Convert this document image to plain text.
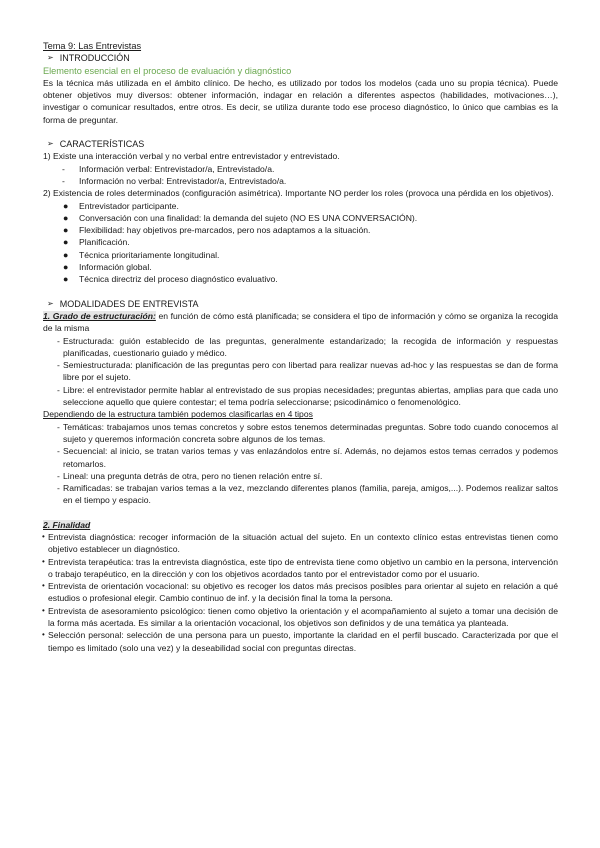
Tema 9: Las Entrevistas

➢ INTRODUCCIÓN
Elemento esencial en el proceso de evaluación y diagnóstico

Es la técnica más utilizada en el ámbito clínico. De hecho, es utilizado por todos los modelos (cada uno su propia técnica). Puede obtener objetivos muy diversos: obtener información, indagar en relación a diferentes aspectos (habilidades, motivaciones…), investigar o comunicar resultados, entre otros. Es decir, se utiliza durante todo ese proceso diagnóstico, lo único que cambias es la forma de preguntar.

➢ CARACTERÍSTICAS

1) Existe una interacción verbal y no verbal entre entrevistador y entrevistado.

- Información verbal: Entrevistador/a, Entrevistado/a.
- Información no verbal: Entrevistador/a, Entrevistado/a.

2) Existencia de roles determinados (configuración asimétrica). Importante NO perder los roles (provoca una pérdida en los objetivos).

● Entrevistador participante.
● Conversación con una finalidad: la demanda del sujeto (NO ES UNA CONVERSACIÓN).
● Flexibilidad: hay objetivos pre-marcados, pero nos adaptamos a la situación.
● Planificación.
● Técnica prioritariamente longitudinal.
● Información global.
● Técnica directriz del proceso diagnóstico evaluativo.
➢ MODALIDADES DE ENTREVISTA

1. Grado de estructuración: en función de cómo está planificada; se considera el tipo de información y cómo se organiza la recogida de la misma

- Estructurada: guión establecido de las preguntas, generalmente estandarizado; la recogida de información y respuestas planificadas, cuestionario guiado y médico.
- Semiestructurada: planificación de las preguntas pero con libertad para realizar nuevas ad-hoc y las respuestas se dan de forma libre por el sujeto.
- Libre: el entrevistador permite hablar al entrevistado de sus propias necesidades; preguntas abiertas, amplias para que cada uno seleccione aquello que quiere contestar; el tema podría seleccionarse; psicodinámico o fenomenológico.

Dependiendo de la estructura también podemos clasificarlas en 4 tipos

- Temáticas: trabajamos unos temas concretos y sobre estos tenemos determinadas preguntas. Sobre todo cuando conocemos al sujeto y queremos información concreta sobre algunos de los temas.
- Secuencial: al inicio, se tratan varios temas y vas enlazándolos entre sí. Además, no dejamos estos temas cerrados y podemos retomarlos.
- Lineal: una pregunta detrás de otra, pero no tienen relación entre sí.
- Ramificadas: se trabajan varios temas a la vez, mezclando diferentes planos (familia, pareja, amigos,...). Podemos realizar saltos en el tiempo y espacio.

2. Finalidad

• Entrevista diagnóstica: recoger información de la situación actual del sujeto. En un contexto clínico estas entrevistas tienen como objetivo establecer un diagnóstico.
• Entrevista terapéutica: tras la entrevista diagnóstica, este tipo de entrevista tiene como objetivo un cambio en la persona, intervención o trabajo terapéutico, en la dirección y con los objetivos acordados tanto por el entrevistador como por el usuario.
• Entrevista de orientación vocacional: su objetivo es recoger los datos más precisos posibles para orientar al sujeto en relación a qué estudios o profesional elegir. Cambio continuo de inf. y la decisión final la toma la persona.
• Entrevista de asesoramiento psicológico: tienen como objetivo la orientación y el acompañamiento al sujeto a tomar una decisión de la forma más acertada. Es similar a la orientación vocacional, los objetivos son definidos y de una temática ya planteada.
• Selección personal: selección de una persona para un puesto, importante la claridad en el perfil buscado. Caracterizada por que el tiempo es limitado (solo una vez) y la deseabilidad social con preguntas directas.
